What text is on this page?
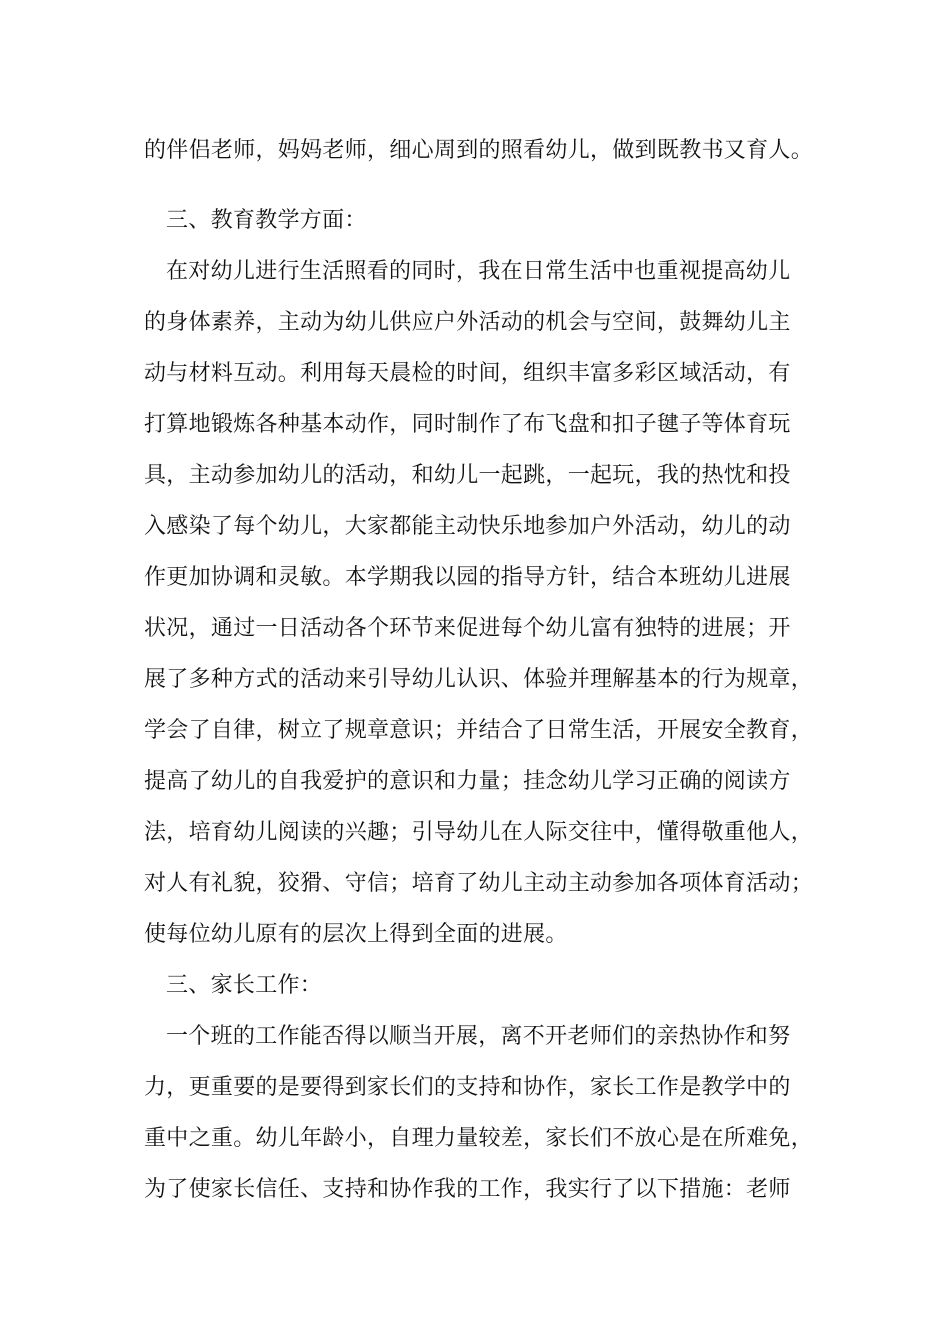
的伴侣老师，妈妈老师，细心周到的照看幼儿，做到既教书又育人。
三、教育教学方面：
在对幼儿进行生活照看的同时，我在日常生活中也重视提高幼儿
的身体素养，主动为幼儿供应户外活动的机会与空间，鼓舞幼儿主
动与材料互动。利用每天晨检的时间，组织丰富多彩区域活动，有
打算地锻炼各种基本动作，同时制作了布飞盘和扣子毽子等体育玩
具，主动参加幼儿的活动，和幼儿一起跳，一起玩，我的热忱和投
入感染了每个幼儿，大家都能主动快乐地参加户外活动，幼儿的动
作更加协调和灵敏。本学期我以园的指导方针，结合本班幼儿进展
状况，通过一日活动各个环节来促进每个幼儿富有独特的进展；开
展了多种方式的活动来引导幼儿认识、体验并理解基本的行为规章，
学会了自律，树立了规章意识；并结合了日常生活，开展安全教育，
提高了幼儿的自我爱护的意识和力量；挂念幼儿学习正确的阅读方
法，培育幼儿阅读的兴趣；引导幼儿在人际交往中，懂得敬重他人，
对人有礼貌，狡猾、守信；培育了幼儿主动主动参加各项体育活动；
使每位幼儿原有的层次上得到全面的进展。
三、家长工作：
一个班的工作能否得以顺当开展，离不开老师们的亲热协作和努
力，更重要的是要得到家长们的支持和协作，家长工作是教学中的
重中之重。幼儿年龄小，自理力量较差，家长们不放心是在所难免，
为了使家长信任、支持和协作我的工作，我实行了以下措施：老师
